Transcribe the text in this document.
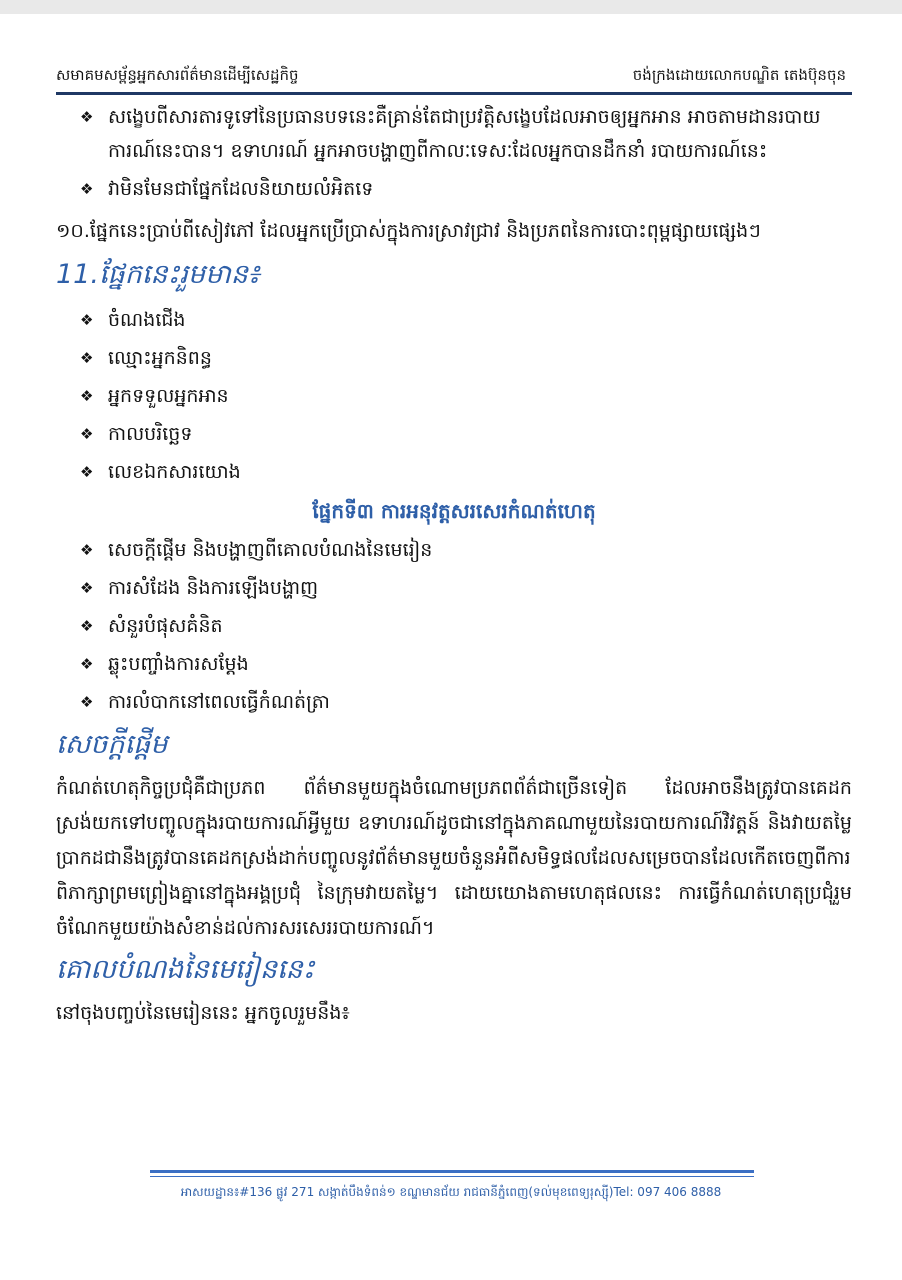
សមាគមសម្ព័ន្ធអ្នកសារព័ត៌មានដើម្បីសេដ្ឋកិច្ច	ចង់ក្រងដោយលោកបណ្ឌិត តេងប៊ុនចុន
❖ សង្ខេបពីសារតារទូទៅនៃប្រធានបទនេះគឺគ្រាន់តែជាប្រវត្តិសង្ខេបដែលអាចឲ្យអ្នកអាន អាចតាមដានរបាយការណ៍នេះបាន។ ឧទាហរណ៍ អ្នកអាចបង្ហាញពីកាលៈទេសៈដែលអ្នកបានដឹកនាំ របាយការណ៍នេះ
❖ វាមិនមែនជាផ្នែកដែលនិយាយលំអិតទេ
១០.ផ្នែកនេះប្រាប់ពីសៀវភៅ ដែលអ្នកប្រើប្រាស់ក្នុងការស្រាវជ្រាវ និងប្រភពនៃការបោះពុម្ពផ្សាយផ្សេងៗ
11.ផ្នែកនេះរួមមាន៖
❖ ចំណងជើង
❖ ឈ្មោះអ្នកនិពន្ធ
❖ អ្នកទទួលអ្នកអាន
❖ កាលបរិច្ឆេទ
❖ លេខឯកសារយោង
ផ្នែកទី៣ ការអនុវត្តសរសេរកំណត់ហេតុ
❖ សេចក្តីផ្តើម និងបង្ហាញពីគោលបំណងនៃមេរៀន
❖ ការសំដែង និងការឡើងបង្ហាញ
❖ សំនួរបំផុសគំនិត
❖ ឆ្លុះបញ្ចាំងការសម្តែង
❖ ការលំបាកនៅពេលធ្វើកំណត់ត្រា
សេចក្តីផ្តើម
កំណត់ហេតុកិច្ចប្រជុំគឺជាប្រភព ព័ត៌មានមួយក្នុងចំណោមប្រភពព័ត៌ជាច្រើនទៀត ដែលអាចនឹងត្រូវបានគេដកស្រង់យកទៅបញ្ចូលក្នុងរបាយការណ៍អ្វីមួយ ឧទាហរណ៍ដូចជានៅក្នុងភាគណាមួយនៃរបាយការណ៍វិវត្តន៍ និងវាយតម្លៃប្រាកដជានឹងត្រូវបានគេដកស្រង់ដាក់បញ្ចូលនូវព័ត៌មានមួយចំនួនអំពីសមិទ្ធផលដែលសម្រេចបានដែលកើតចេញពីការពិភាក្សាព្រមព្រៀងគ្នានៅក្នុងអង្គប្រជុំ នៃក្រុមវាយតម្លៃ។ ដោយយោងតាមហេតុផលនេះ ការធ្វើកំណត់ហេតុប្រជុំរួមចំណែកមួយយ៉ាងសំខាន់ដល់ការសរសេររបាយការណ៍។
គោលបំណងនៃមេរៀននេះ
នៅចុងបញ្ចប់នៃមេរៀននេះ អ្នកចូលរួមនឹង៖
អាសយដ្ឋាន៖#136 ផ្លូវ 271 សង្កាត់បឹងទំពន់១ ខណ្ឌមានជ័យ រាជធានីភ្នំពេញ(ទល់មុខពេទ្យរុស្ស៊ី)Tel: 097 406 8888
